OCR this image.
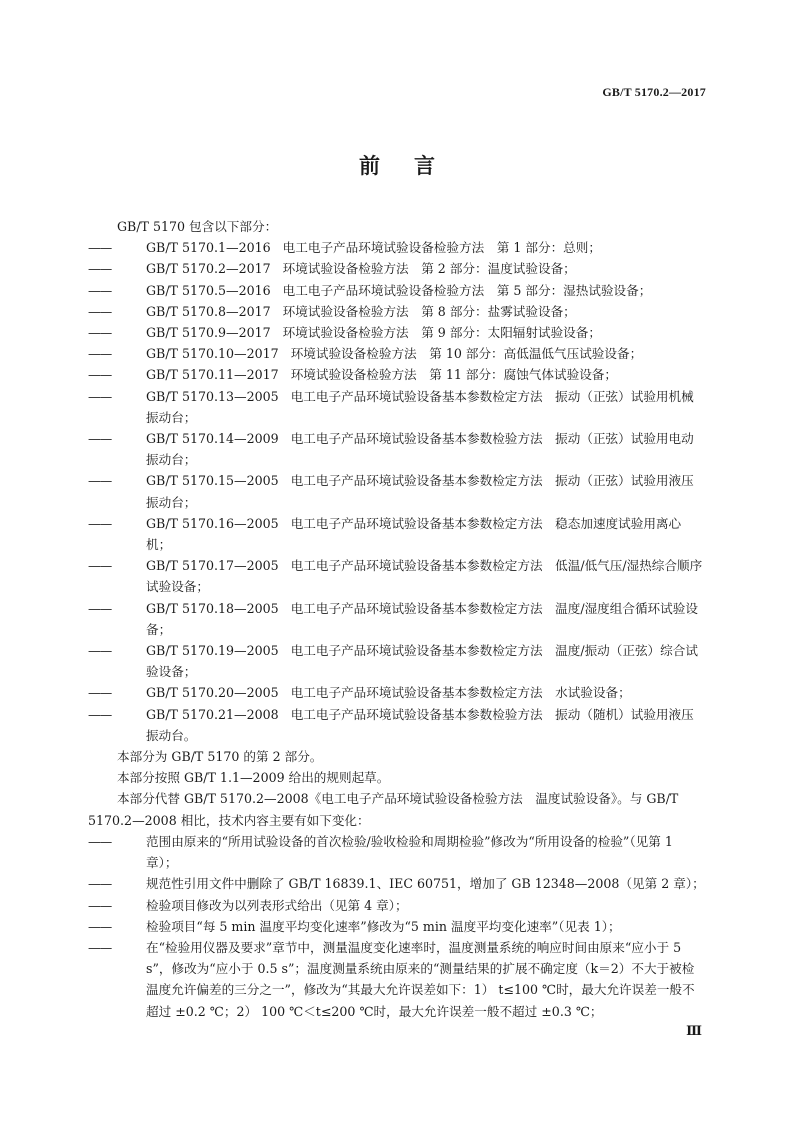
GB/T 5170.2—2017
前 言

GB/T 5170 包含以下部分：

——	GB/T 5170.1—2016 电工电子产品环境试验设备检验方法　第 1 部分：总则；

——	GB/T 5170.2—2017 环境试验设备检验方法　第 2 部分：温度试验设备；

——	GB/T 5170.5—2016 电工电子产品环境试验设备检验方法　第 5 部分：湿热试验设备；

——	GB/T 5170.8—2017 环境试验设备检验方法　第 8 部分：盐雾试验设备；

——	GB/T 5170.9—2017 环境试验设备检验方法　第 9 部分：太阳辐射试验设备；

——	GB/T 5170.10—2017 环境试验设备检验方法　第 10 部分：高低温低气压试验设备；

——	GB/T 5170.11—2017 环境试验设备检验方法　第 11 部分：腐蚀气体试验设备；

——	GB/T 5170.13—2005 电工电子产品环境试验设备基本参数检定方法　振动（正弦）试验用机械振动台；

——	GB/T 5170.14—2009 电工电子产品环境试验设备基本参数检验方法　振动（正弦）试验用电动振动台；

——	GB/T 5170.15—2005 电工电子产品环境试验设备基本参数检定方法　振动（正弦）试验用液压振动台；

——	GB/T 5170.16—2005 电工电子产品环境试验设备基本参数检定方法　稳态加速度试验用离心机；

——	GB/T 5170.17—2005 电工电子产品环境试验设备基本参数检定方法　低温/低气压/湿热综合顺序试验设备；

——	GB/T 5170.18—2005 电工电子产品环境试验设备基本参数检定方法　温度/湿度组合循环试验设备；

——	GB/T 5170.19—2005 电工电子产品环境试验设备基本参数检定方法　温度/振动（正弦）综合试验设备；

——	GB/T 5170.20—2005 电工电子产品环境试验设备基本参数检定方法　水试验设备；

——	GB/T 5170.21—2008 电工电子产品环境试验设备基本参数检验方法　振动（随机）试验用液压振动台。

本部分为 GB/T 5170 的第 2 部分。

本部分按照 GB/T 1.1—2009 给出的规则起草。

本部分代替 GB/T 5170.2—2008《电工电子产品环境试验设备检验方法　温度试验设备》。与 GB/T 5170.2—2008 相比，技术内容主要有如下变化：

——	范围由原来的“所用试验设备的首次检验/验收检验和周期检验”修改为“所用设备的检验”（见第 1 章）；

——	规范性引用文件中删除了 GB/T 16839.1、IEC 60751，增加了 GB 12348—2008（见第 2 章）；

——	检验项目修改为以列表形式给出（见第 4 章）；

——	检验项目“每 5 min 温度平均变化速率”修改为“5 min 温度平均变化速率”（见表 1）；

——	在“检验用仪器及要求”章节中，测量温度变化速率时，温度测量系统的响应时间由原来“应小于 5 s”，修改为“应小于 0.5 s”；温度测量系统由原来的“测量结果的扩展不确定度（k＝2）不大于被检温度允许偏差的三分之一”，修改为“其最大允许误差如下：1） t≤100 ℃时，最大允许误差一般不超过 ±0.2 ℃；2） 100 ℃＜t≤200 ℃时，最大允许误差一般不超过 ±0.3 ℃；

Ⅲ
